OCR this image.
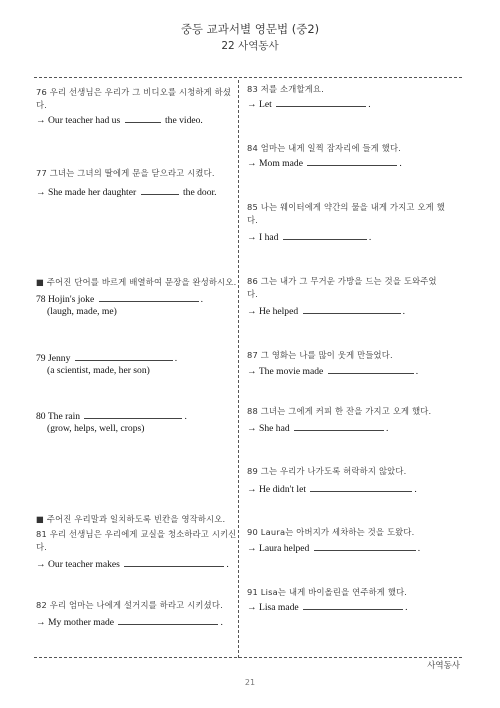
중등 교과서별 영문법 (중2)
22 사역동사
76 우리 선생님은 우리가 그 비디오를 시청하게 하셨
다.
→ Our teacher had us	the video.
77 그녀는 그녀의 딸에게 문을 닫으라고 시켰다.
→ She made her daughter	the door.
■ 주어진 단어를 바르게 배열하여 문장을 완성하시오.
78 Hojin's joke	.
(laugh, made, me)
79 Jenny	.
(a scientist, made, her son)
80 The rain	.
(grow, helps, well, crops)
■ 주어진 우리말과 일치하도록 빈칸을 영작하시오.
81 우리 선생님은 우리에게 교실을 청소하라고 시키신
다.
→ Our teacher makes	.
82 우리 엄마는 나에게 설거지를 하라고 시키셨다.
→ My mother made	.
83 저를 소개할게요.
→ Let	.
84 엄마는 내게 일찍 잠자리에 들게 했다.
→ Mom made	.
85 나는 웨이터에게 약간의 물을 내게 가지고 오게 했
다.
→ I had	.
86 그는 내가 그 무거운 가방을 드는 것을 도와주었
다.
→ He helped	.
87 그 영화는 나를 많이 웃게 만들었다.
→ The movie made	.
88 그녀는 그에게 커피 한 잔을 가지고 오게 했다.
→ She had	.
89 그는 우리가 나가도록 허락하지 않았다.
→ He didn't let	.
90 Laura는 아버지가 세차하는 것을 도왔다.
→ Laura helped	.
91 Lisa는 내게 바이올린을 연주하게 했다.
→ Lisa made	.
사역동사
21
